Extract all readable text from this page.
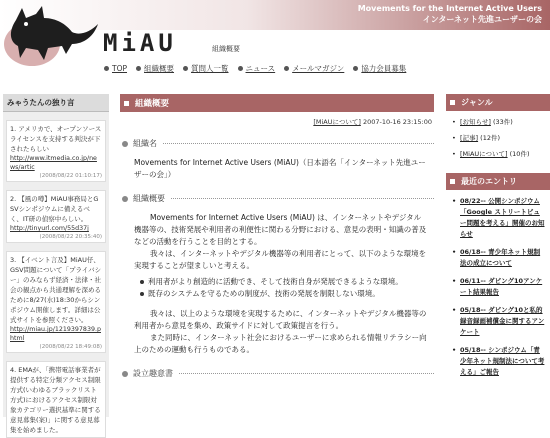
Movements for the Internet Active Users
インターネット先進ユーザーの会
MiAU	組織概要
TOP 組織概要 質問人一覧 ニュース メールマガジン 協力会員募集
みゃうたんの独り言
1. アメリカで、オープンソースライセンスを支持する判決が下されたらしい
http://www.itmedia.co.jp/news/artic
(2008/08/22 01:10:17)
2. 【風の噂】MiAU事務局とGSVシンポジウムに備えるべく、IT研の偵察中らしい。
http://tinyurl.com/55d37j
(2008/08/22 20:35:40)
3. 【イベント言及】MiAU仔、GSV問題について「プライバシー」のみならず経済・法律・社会の観点から共通理解を深めるために8/27(水)18:30からシンポジウム開催します。詳細は公式サイトを参照ください。
http://miau.jp/1219397839.phtml
(2008/08/22 18:49:08)
4. EMAが、「携帯電話事業者が提供する特定分類アクセス制限方式(いわゆるブラックリスト方式)におけるアクセス制限対象カテゴリー選択基準に関する意見募集(案)」に関する意見募集を始めました。
組織概要
[MiAUについて] 2007-10-16 23:15:00
組織名
Movements for Internet Active Users (MiAU)（日本語名「インターネット先進ユーザーの会」）
組織概要
Movements for Internet Active Users (MiAU) は、インターネットやデジタル機器等の、技術発展や利用者の利便性に関わる分野における、意見の表明・知識の普及などの活動を行うことを目的とする。
我々は、インターネットやデジタル機器等の利用者にとって、以下のような環境を実現することが望ましいと考える。
利用者がより創造的に活動でき、そして技術自身が発展できるような環境。
既存のシステムを守るための制度が、技術の発展を制限しない環境。
我々は、以上のような環境を実現するために、インターネットやデジタル機器等の利用者から意見を集め、政策サイドに対して政策提言を行う。
また同時に、インターネット社会におけるユーザーに求められる情報リテラシー向上のための運動も行うものである。
設立趣意書
ジャンル
• [お知らせ] (33件)
• [記事] (12件)
• [MiAUについて] (10件)
最近のエントリ
• 08/22-- 公開シンポジウム「Google ストリートビュー問題を考える」開催のお知らせ
• 06/18-- 青少年ネット規制法の成立について
• 06/11-- ダビング10アンケート結果報告
• 05/18-- ダビング10と私的録音録画補償金に関するアンケート
• 05/18-- シンポジウム「青少年ネット規制法について考える」ご報告
